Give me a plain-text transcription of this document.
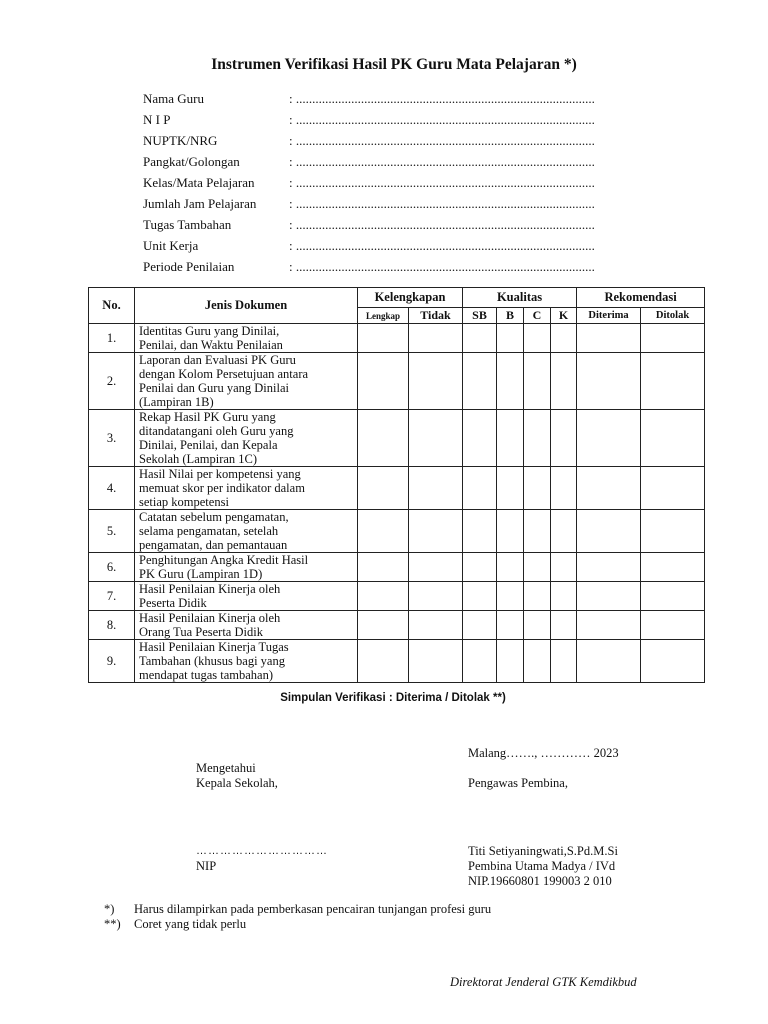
Instrumen Verifikasi Hasil PK Guru Mata Pelajaran *)
Nama Guru	: ............................................................................................
N I P	: ............................................................................................
NUPTK/NRG	: ............................................................................................
Pangkat/Golongan	: ............................................................................................
Kelas/Mata Pelajaran	: ............................................................................................
Jumlah Jam Pelajaran	: ............................................................................................
Tugas Tambahan	: ............................................................................................
Unit Kerja	: ............................................................................................
Periode Penilaian	: ............................................................................................
No.	Jenis Dokumen	Kelengkapan		Kualitas				Rekomendasi	
		Lengkap	Tidak	SB	B	C	K	Diterima	Ditolak
1.	Identitas Guru yang Dinilai,
Penilai, dan Waktu Penilaian								

2.	Laporan dan Evaluasi PK Guru
dengan Kolom Persetujuan antara
Penilai dan Guru yang Dinilai
(Lampiran 1B)								

3.	Rekap Hasil PK Guru yang
ditandatangani oleh Guru yang
Dinilai, Penilai, dan Kepala
Sekolah (Lampiran 1C)								

4.	Hasil Nilai per kompetensi yang
memuat skor per indikator dalam
setiap kompetensi								

5.	Catatan sebelum pengamatan,
selama pengamatan, setelah
pengamatan, dan pemantauan								

6.	Penghitungan Angka Kredit Hasil
PK Guru (Lampiran 1D)								

7.	Hasil Penilaian Kinerja oleh
Peserta Didik								

8.	Hasil Penilaian Kinerja oleh
Orang Tua Peserta Didik								

9.	Hasil Penilaian Kinerja Tugas
Tambahan (khusus bagi yang
mendapat tugas tambahan)								

Simpulan Verifikasi : Diterima / Ditolak **)
Malang……., ………… 2023
Mengetahui
Kepala Sekolah,	Pengawas Pembina,
……………………………	Titi Setiyaningwati,S.Pd.M.Si
NIP	Pembina Utama Madya / IVd
NIP.19660801 199003 2 010
*)	Harus dilampirkan pada pemberkasan pencairan tunjangan profesi guru
**)	Coret yang tidak perlu
Direktorat Jenderal GTK Kemdikbud
